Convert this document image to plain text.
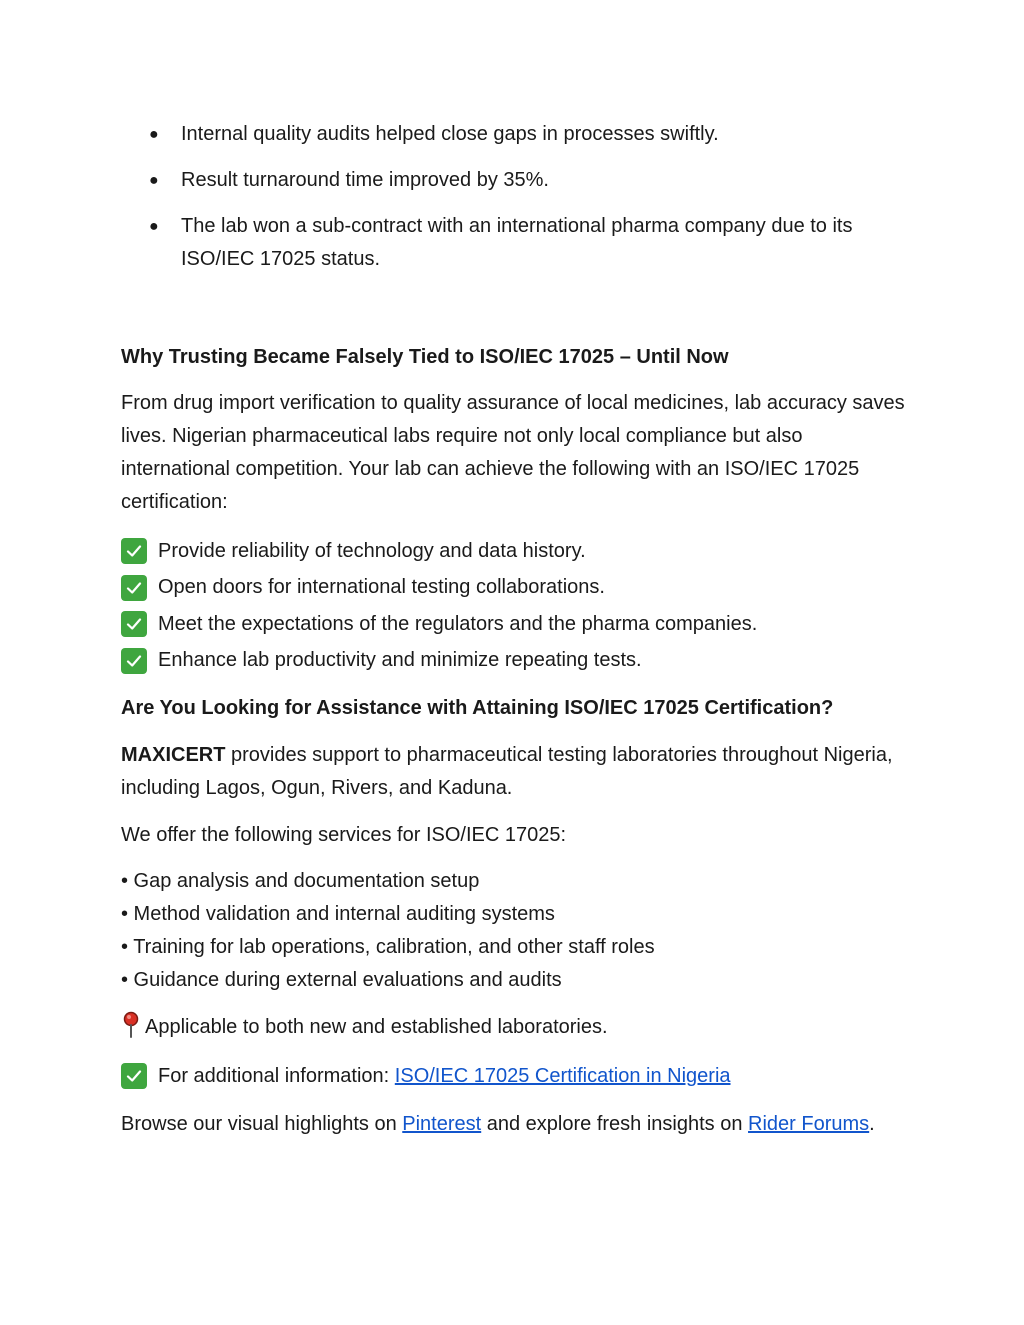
● Internal quality audits helped close gaps in processes swiftly.
● Result turnaround time improved by 35%.
● The lab won a sub-contract with an international pharma company due to its ISO/IEC 17025 status.
Why Trusting Became Falsely Tied to ISO/IEC 17025 – Until Now

From drug import verification to quality assurance of local medicines, lab accuracy saves lives. Nigerian pharmaceutical labs require not only local compliance but also international competition. Your lab can achieve the following with an ISO/IEC 17025 certification:

Provide reliability of technology and data history.
Open doors for international testing collaborations.
Meet the expectations of the regulators and the pharma companies.
Enhance lab productivity and minimize repeating tests.
Are You Looking for Assistance with Attaining ISO/IEC 17025 Certification?

MAXICERT provides support to pharmaceutical testing laboratories throughout Nigeria, including Lagos, Ogun, Rivers, and Kaduna.

We offer the following services for ISO/IEC 17025:

• Gap analysis and documentation setup
• Method validation and internal auditing systems
• Training for lab operations, calibration, and other staff roles
• Guidance during external evaluations and audits

Applicable to both new and established laboratories.

For additional information: ISO/IEC 17025 Certification in Nigeria

Browse our visual highlights on Pinterest and explore fresh insights on Rider Forums.
